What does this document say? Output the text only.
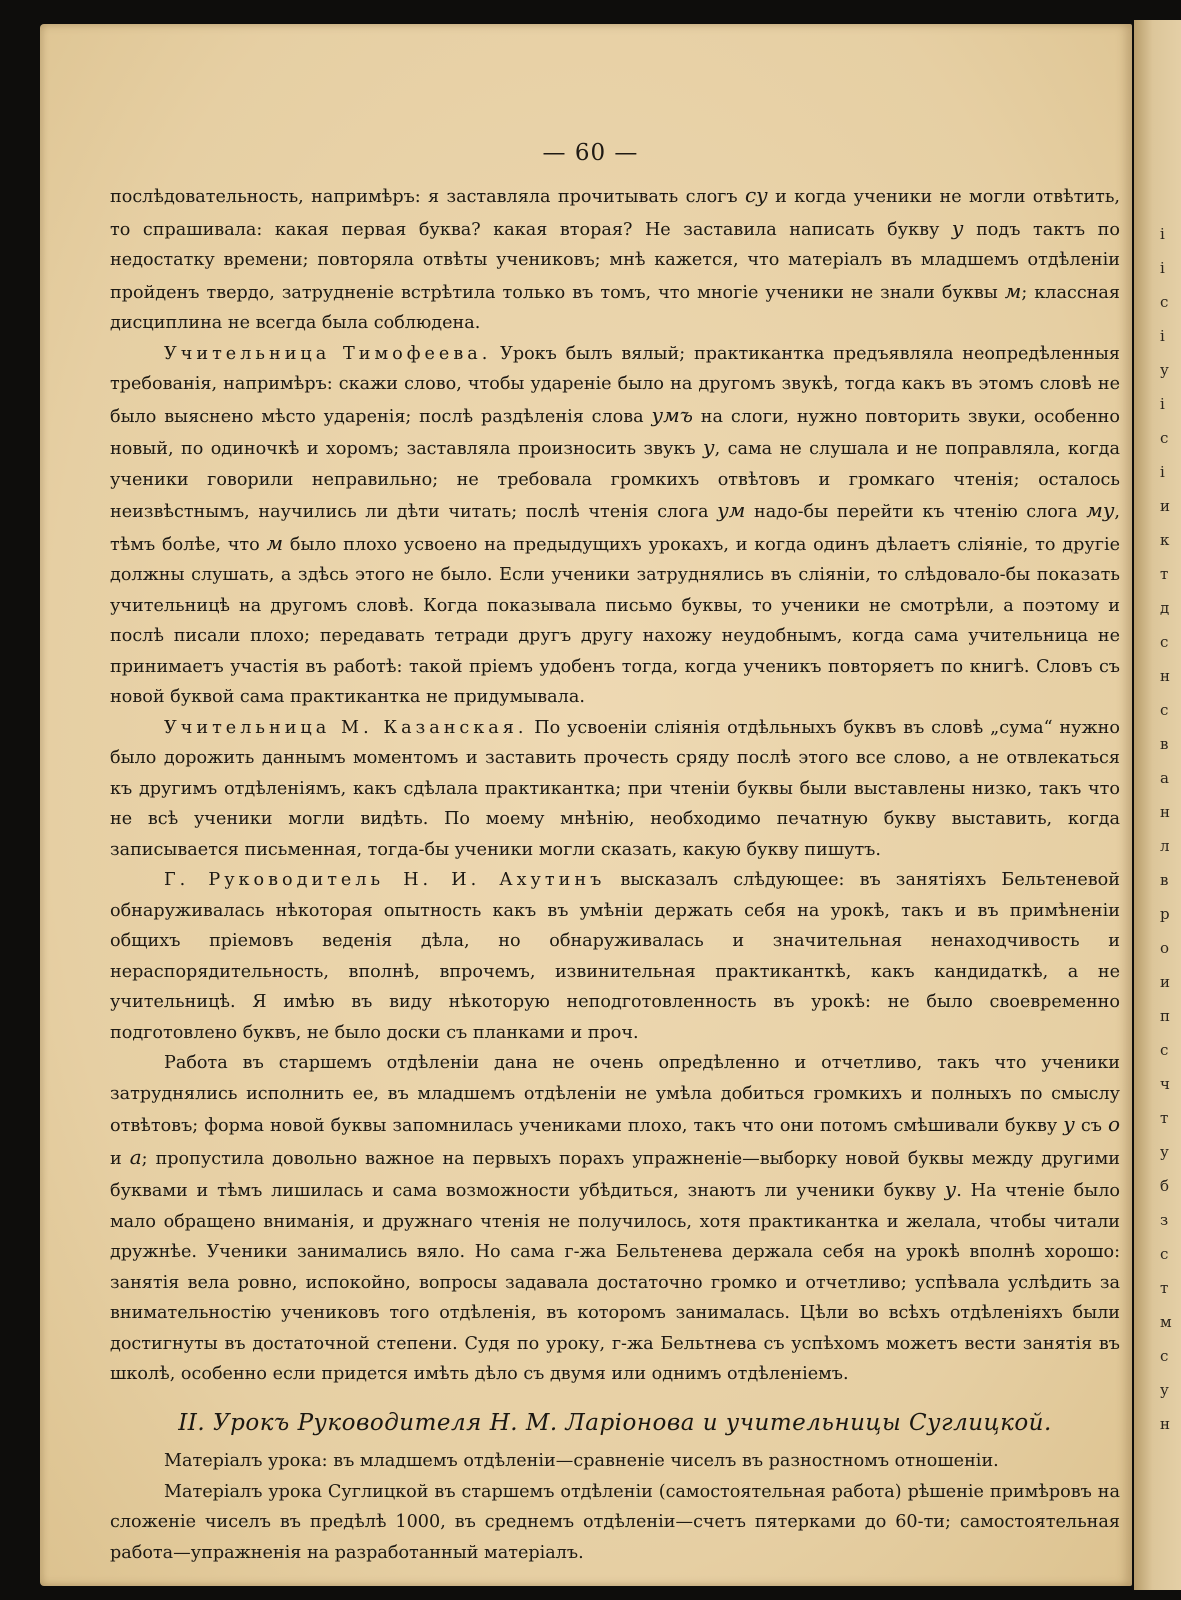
і
і
с
і
у
і
с
і
и
к
т
д
с
н
с
в
а
н
л
в
р
о
и
п
с
ч
т
у
б
з
с
т
м
с
у
н
— 60 —

послѣдовательность, напримѣръ: я заставляла прочитывать слогъ су и когда ученики не могли отвѣтить, то спрашивала: какая первая буква? какая вторая? Не заставила написать букву у подъ тактъ по недостатку времени; повторяла отвѣты учениковъ; мнѣ кажется, что матеріалъ въ младшемъ отдѣленіи пройденъ твердо, затрудненіе встрѣтила только въ томъ, что многіе ученики не знали буквы м; классная дисциплина не всегда была соблюдена.

Учительница Тимофеева. Урокъ былъ вялый; практикантка предъявляла неопредѣленныя требованія, напримѣръ: скажи слово, чтобы удареніе было на другомъ звукѣ, тогда какъ въ этомъ словѣ не было выяснено мѣсто ударенія; послѣ раздѣленія слова умъ на слоги, нужно повторить звуки, особенно новый, по одиночкѣ и хоромъ; заставляла произносить звукъ у, сама не слушала и не поправляла, когда ученики говорили неправильно; не требовала громкихъ отвѣтовъ и громкаго чтенія; осталось неизвѣстнымъ, научились ли дѣти читать; послѣ чтенія слога ум надо-бы перейти къ чтенію слога му, тѣмъ болѣе, что м было плохо усвоено на предыдущихъ урокахъ, и когда одинъ дѣлаетъ сліяніе, то другіе должны слушать, а здѣсь этого не было. Если ученики затруднялись въ сліяніи, то слѣдовало-бы показать учительницѣ на другомъ словѣ. Когда показывала письмо буквы, то ученики не смотрѣли, а поэтому и послѣ писали плохо; передавать тетради другъ другу нахожу неудобнымъ, когда сама учительница не принимаетъ участія въ работѣ: такой пріемъ удобенъ тогда, когда ученикъ повторяетъ по книгѣ. Словъ съ новой буквой сама практикантка не придумывала.

Учительница М. Казанская. По усвоеніи сліянія отдѣльныхъ буквъ въ словѣ „сума“ нужно было дорожить даннымъ моментомъ и заставить прочесть сряду послѣ этого все слово, а не отвлекаться къ другимъ отдѣленіямъ, какъ сдѣлала практикантка; при чтеніи буквы были выставлены низко, такъ что не всѣ ученики могли видѣть. По моему мнѣнію, необходимо печатную букву выставить, когда записывается письменная, тогда-бы ученики могли сказать, какую букву пишутъ.

Г. Руководитель Н. И. Ахутинъ высказалъ слѣдующее: въ занятіяхъ Бельтеневой обнаруживалась нѣкоторая опытность какъ въ умѣніи держать себя на урокѣ, такъ и въ примѣненіи общихъ пріемовъ веденія дѣла, но обнаруживалась и значительная ненаходчивость и нераспорядительность, вполнѣ, впрочемъ, извинительная практиканткѣ, какъ кандидаткѣ, а не учительницѣ. Я имѣю въ виду нѣкоторую неподготовленность въ урокѣ: не было своевременно подготовлено буквъ, не было доски съ планками и проч.

Работа въ старшемъ отдѣленіи дана не очень опредѣленно и отчетливо, такъ что ученики затруднялись исполнить ее, въ младшемъ отдѣленіи не умѣла добиться громкихъ и полныхъ по смыслу отвѣтовъ; форма новой буквы запомнилась учениками плохо, такъ что они потомъ смѣшивали букву у съ о и а; пропустила довольно важное на первыхъ порахъ упражненіе—выборку новой буквы между другими буквами и тѣмъ лишилась и сама возможности убѣдиться, знаютъ ли ученики букву у. На чтеніе было мало обращено вниманія, и дружнаго чтенія не получилось, хотя практикантка и желала, чтобы читали дружнѣе. Ученики занимались вяло. Но сама г-жа Бельтенева держала себя на урокѣ вполнѣ хорошо: занятія вела ровно, испокойно, вопросы задавала достаточно громко и отчетливо; успѣвала услѣдить за внимательностію учениковъ того отдѣленія, въ которомъ занималась. Цѣли во всѣхъ отдѣленіяхъ были достигнуты въ достаточной степени. Судя по уроку, г-жа Бельтнева съ успѣхомъ можетъ вести занятія въ школѣ, особенно если придется имѣть дѣло съ двумя или однимъ отдѣленіемъ.

II. Урокъ Руководителя Н. М. Ларіонова и учительницы Суглицкой.

Матеріалъ урока: въ младшемъ отдѣленіи—сравненіе чиселъ въ разностномъ отношеніи.

Матеріалъ урока Суглицкой въ старшемъ отдѣленіи (самостоятельная работа) рѣшеніе примѣровъ на сложеніе чиселъ въ предѣлѣ 1000, въ среднемъ отдѣленіи—счетъ пятерками до 60-ти; самостоятельная работа—упражненія на разработанный матеріалъ.
